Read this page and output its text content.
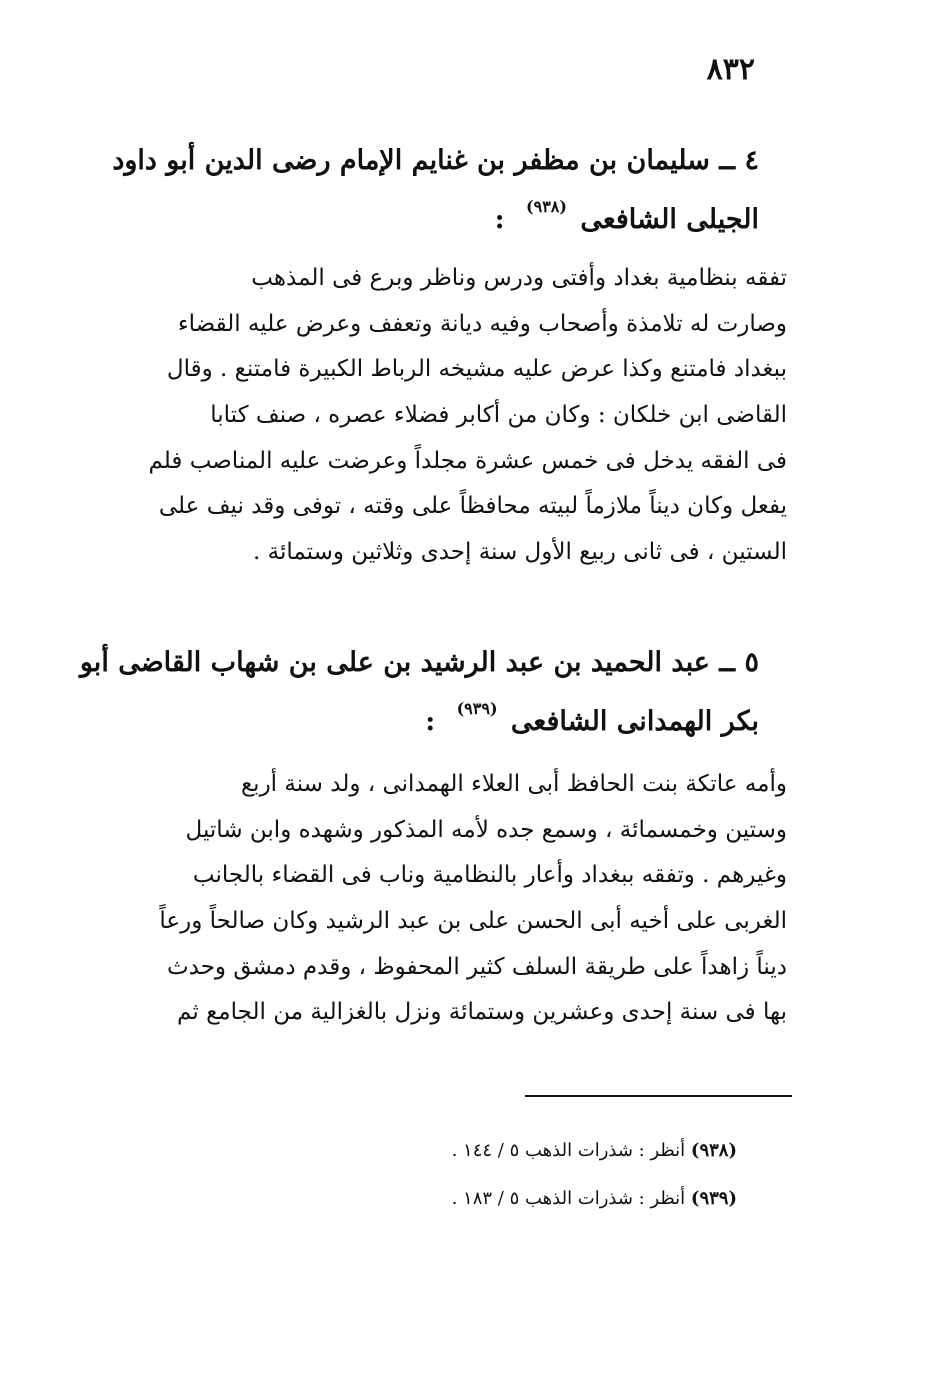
٨٣٢
٤ ــ سليمان بن مظفر بن غنايم الإمام رضى الدين أبو داود
الجيلى الشافعى $^{(٩٣٨)}$ :
تفقه بنظامية بغداد وأفتى ودرس وناظر وبرع فى المذهب
وصارت له تلامذة وأصحاب وفيه ديانة وتعفف وعرض عليه القضاء
ببغداد فامتنع وكذا عرض عليه مشيخه الرباط الكبيرة فامتنع . وقال
القاضى ابن خلكان : وكان من أكابر فضلاء عصره ، صنف كتابا
فى الفقه يدخل فى خمس عشرة مجلداً وعرضت عليه المناصب فلم
يفعل وكان ديناً ملازماً لبيته محافظاً على وقته ، توفى وقد نيف على
الستين ، فى ثانى ربيع الأول سنة إحدى وثلاثين وستمائة .
٥ ــ عبد الحميد بن عبد الرشيد بن على بن شهاب القاضى أبو
بكر الهمدانى الشافعى $^{(٩٣٩)}$ :
وأمه عاتكة بنت الحافظ أبى العلاء الهمدانى ، ولد سنة أربع
وستين وخمسمائة ، وسمع جده لأمه المذكور وشهده وابن شاتيل
وغيرهم . وتفقه ببغداد وأعار بالنظامية وناب فى القضاء بالجانب
الغربى على أخيه أبى الحسن على بن عبد الرشيد وكان صالحاً ورعاً
ديناً زاهداً على طريقة السلف كثير المحفوظ ، وقدم دمشق وحدث
بها فى سنة إحدى وعشرين وستمائة ونزل بالغزالية من الجامع ثم
(٩٣٨) أنظر : شذرات الذهب ٥ / ١٤٤ .
(٩٣٩) أنظر : شذرات الذهب ٥ / ١٨٣ .
